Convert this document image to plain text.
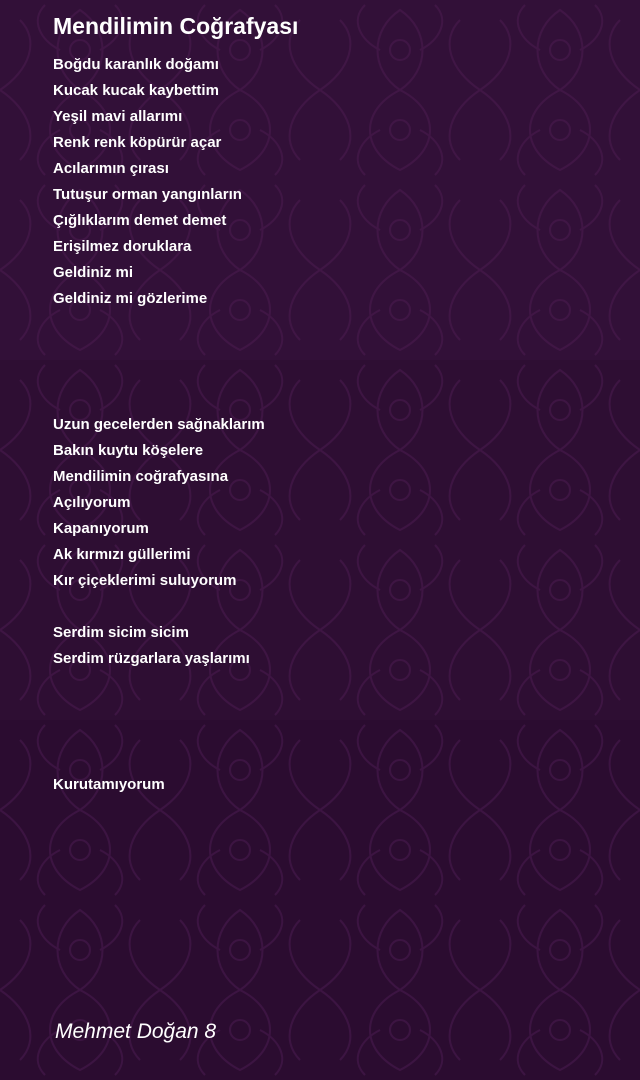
Mendilimin Coğrafyası

Boğdu karanlık doğamı

Kucak kucak kaybettim

Yeşil mavi allarımı

Renk renk köpürür açar

Acılarımın çırası

Tutuşur orman yangınların

Çığlıklarım demet demet

Erişilmez doruklara

Geldiniz mi

Geldiniz mi gözlerime

Uzun gecelerden sağnaklarım

Bakın kuytu köşelere

Mendilimin coğrafyasına

Açılıyorum

Kapanıyorum

Ak kırmızı güllerimi

Kır çiçeklerimi suluyorum

Serdim sicim sicim

Serdim rüzgarlara yaşlarımı

Kurutamıyorum

Mehmet Doğan 8
